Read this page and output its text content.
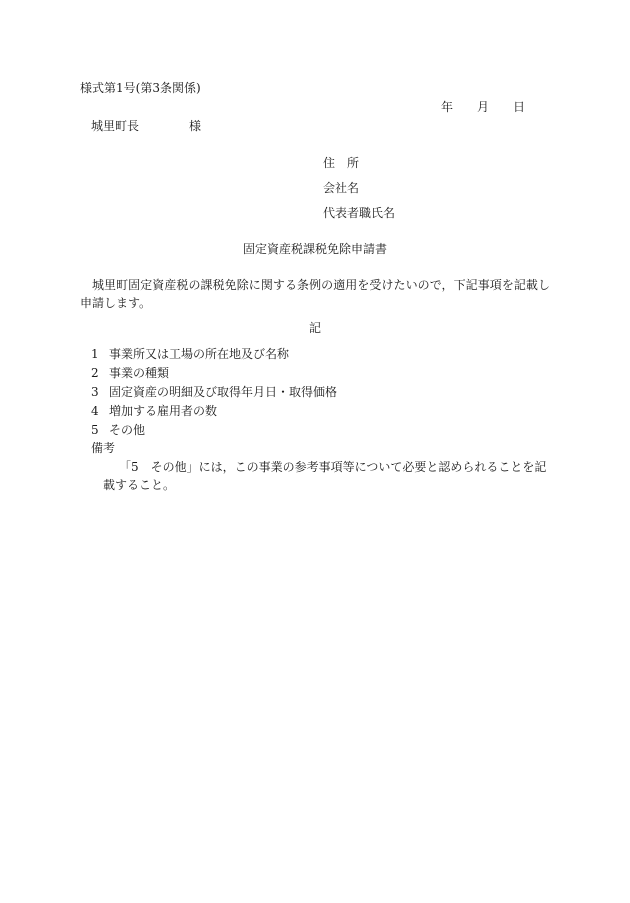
様式第1号(第3条関係)
年 月 日
城里町長	様
住　所
会社名
代表者職氏名
固定資産税課税免除申請書
城里町固定資産税の課税免除に関する条例の適用を受けたいので，下記事項を記載し申請します。
記
1 事業所又は工場の所在地及び名称
2 事業の種類
3 固定資産の明細及び取得年月日・取得価格
4 増加する雇用者の数
5 その他
備考
「5　その他」には，この事業の参考事項等について必要と認められることを記載すること。
